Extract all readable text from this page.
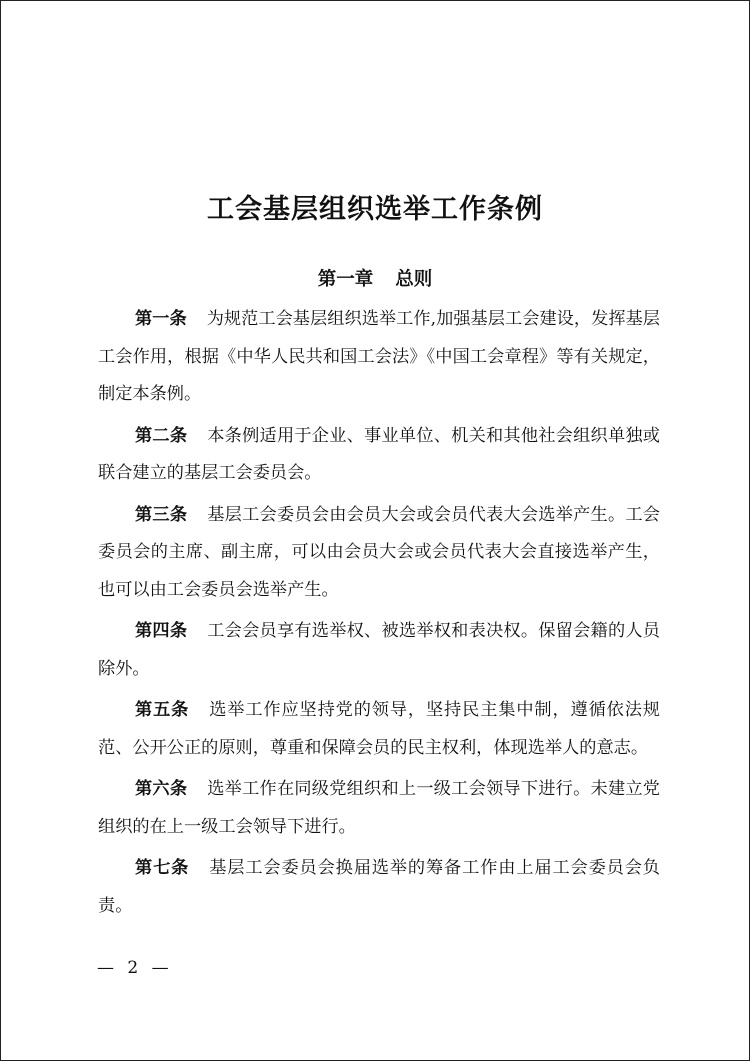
工会基层组织选举工作条例
第一章 总则

第一条 为规范工会基层组织选举工作,加强基层工会建设，发挥基层工会作用，根据《中华人民共和国工会法》《中国工会章程》等有关规定，制定本条例。

第二条 本条例适用于企业、事业单位、机关和其他社会组织单独或联合建立的基层工会委员会。

第三条 基层工会委员会由会员大会或会员代表大会选举产生。工会委员会的主席、副主席，可以由会员大会或会员代表大会直接选举产生，也可以由工会委员会选举产生。

第四条 工会会员享有选举权、被选举权和表决权。保留会籍的人员除外。

第五条 选举工作应坚持党的领导，坚持民主集中制，遵循依法规范、公开公正的原则，尊重和保障会员的民主权利，体现选举人的意志。

第六条 选举工作在同级党组织和上一级工会领导下进行。未建立党组织的在上一级工会领导下进行。

第七条 基层工会委员会换届选举的筹备工作由上届工会委员会负责。

— 2 —
